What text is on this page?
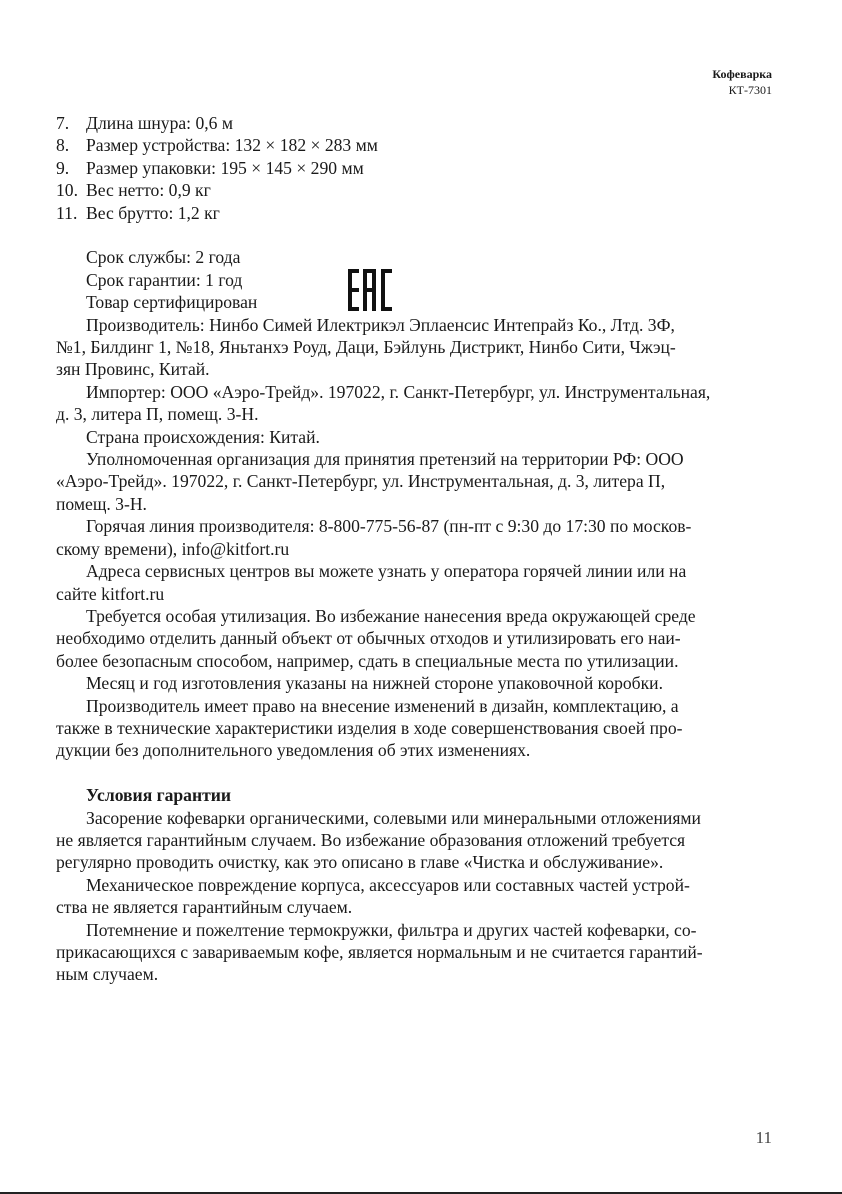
Кофеварка
КТ-7301
7. Длина шнура: 0,6 м
8. Размер устройства: 132 × 182 × 283 мм
9. Размер упаковки: 195 × 145 × 290 мм
10. Вес нетто: 0,9 кг
11. Вес брутто: 1,2 кг

Срок службы: 2 года

Срок гарантии: 1 год

Товар сертифицирован

Производитель: Нинбо Симей Илектрикэл Эплаенсис Интепрайз Ко., Лтд. 3Ф,
№1, Билдинг 1, №18, Яньтанхэ Роуд, Даци, Бэйлунь Дистрикт, Нинбо Сити, Чжэц-
зян Провинс, Китай.

Импортер: ООО «Аэро-Трейд». 197022, г. Санкт-Петербург, ул. Инструментальная,
д. 3, литера П, помещ. 3-Н.

Страна происхождения: Китай.

Уполномоченная организация для принятия претензий на территории РФ: ООО
«Аэро-Трейд». 197022, г. Санкт-Петербург, ул. Инструментальная, д. 3, литера П,
помещ. 3-Н.

Горячая линия производителя: 8-800-775-56-87 (пн-пт с 9:30 до 17:30 по москов-
скому времени), info@kitfort.ru

Адреса сервисных центров вы можете узнать у оператора горячей линии или на
сайте kitfort.ru

Требуется особая утилизация. Во избежание нанесения вреда окружающей среде
необходимо отделить данный объект от обычных отходов и утилизировать его наи-
более безопасным способом, например, сдать в специальные места по утилизации.

Месяц и год изготовления указаны на нижней стороне упаковочной коробки.

Производитель имеет право на внесение изменений в дизайн, комплектацию, а
также в технические характеристики изделия в ходе совершенствования своей про-
дукции без дополнительного уведомления об этих изменениях.

Условия гарантии

Засорение кофеварки органическими, солевыми или минеральными отложениями
не является гарантийным случаем. Во избежание образования отложений требуется
регулярно проводить очистку, как это описано в главе «Чистка и обслуживание».

Механическое повреждение корпуса, аксессуаров или составных частей устрой-
ства не является гарантийным случаем.

Потемнение и пожелтение термокружки, фильтра и других частей кофеварки, со-
прикасающихся с завариваемым кофе, является нормальным и не считается гарантий-
ным случаем.

11
